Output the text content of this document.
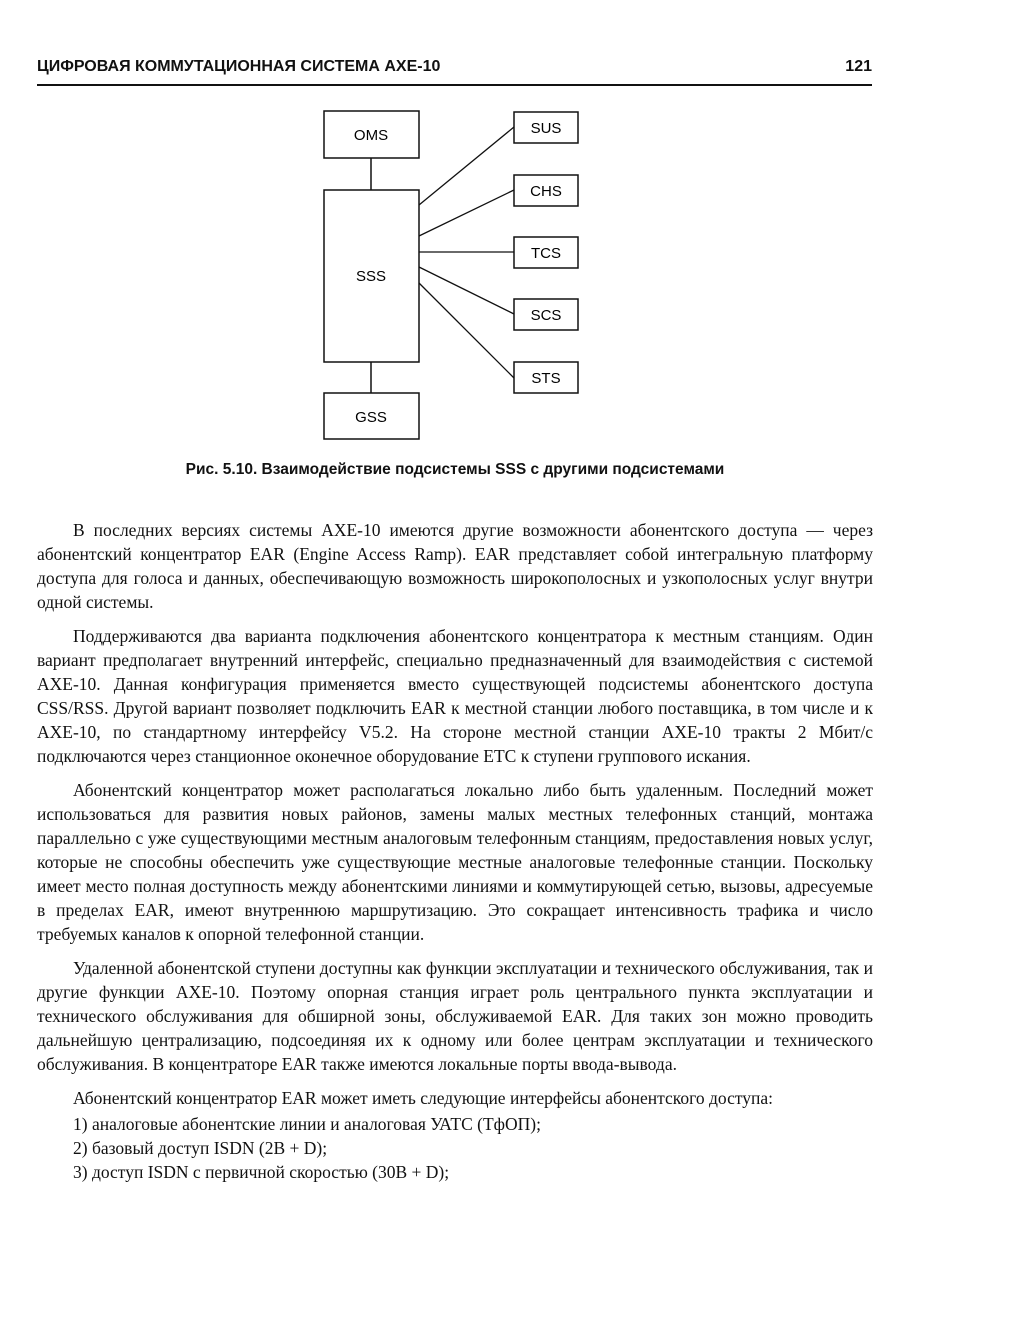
ЦИФРОВАЯ КОММУТАЦИОННАЯ СИСТЕМА AXE-10	121
OMS
SSS
GSS
SUS
CHS
TCS
SCS
STS
Рис. 5.10. Взаимодействие подсистемы SSS с другими подсистемами

В последних версиях системы АХЕ-10 имеются другие возможности абонентского доступа — через абонентский концентратор EAR (Engine Access Ramp). EAR представляет собой интегральную платформу доступа для голоса и данных, обеспечивающую возможность широкополосных и узкополосных услуг внутри одной системы.

Поддерживаются два варианта подключения абонентского концентратора к местным станциям. Один вариант предполагает внутренний интерфейс, специально предназначенный для взаимодействия с системой АХЕ-10. Данная конфигурация применяется вместо существующей подсистемы абонентского доступа CSS/RSS. Другой вариант позволяет подключить EAR к местной станции любого поставщика, в том числе и к АХЕ-10, по стандартному интерфейсу V5.2. На стороне местной станции АХЕ-10 тракты 2 Мбит/с подключаются через станционное оконечное оборудование ЕТС к ступени группового искания.

Абонентский концентратор может располагаться локально либо быть удаленным. Последний может использоваться для развития новых районов, замены малых местных телефонных станций, монтажа параллельно с уже существующими местным аналоговым телефонным станциям, предоставления новых услуг, которые не способны обеспечить уже существующие местные аналоговые телефонные станции. Поскольку имеет место полная доступность между абонентскими линиями и коммутирующей сетью, вызовы, адресуемые в пределах EAR, имеют внутреннюю маршрутизацию. Это сокращает интенсивность трафика и число требуемых каналов к опорной телефонной станции.

Удаленной абонентской ступени доступны как функции эксплуатации и технического обслуживания, так и другие функции АХЕ-10. Поэтому опорная станция играет роль центрального пункта эксплуатации и технического обслуживания для обширной зоны, обслуживаемой EAR. Для таких зон можно проводить дальнейшую централизацию, подсоединяя их к одному или более центрам эксплуатации и технического обслуживания. В концентраторе EAR также имеются локальные порты ввода-вывода.

Абонентский концентратор EAR может иметь следующие интерфейсы абонентского доступа:

1) аналоговые абонентские линии и аналоговая УАТС (ТфОП);
2) базовый доступ ISDN (2B + D);
3) доступ ISDN с первичной скоростью (30B + D);
